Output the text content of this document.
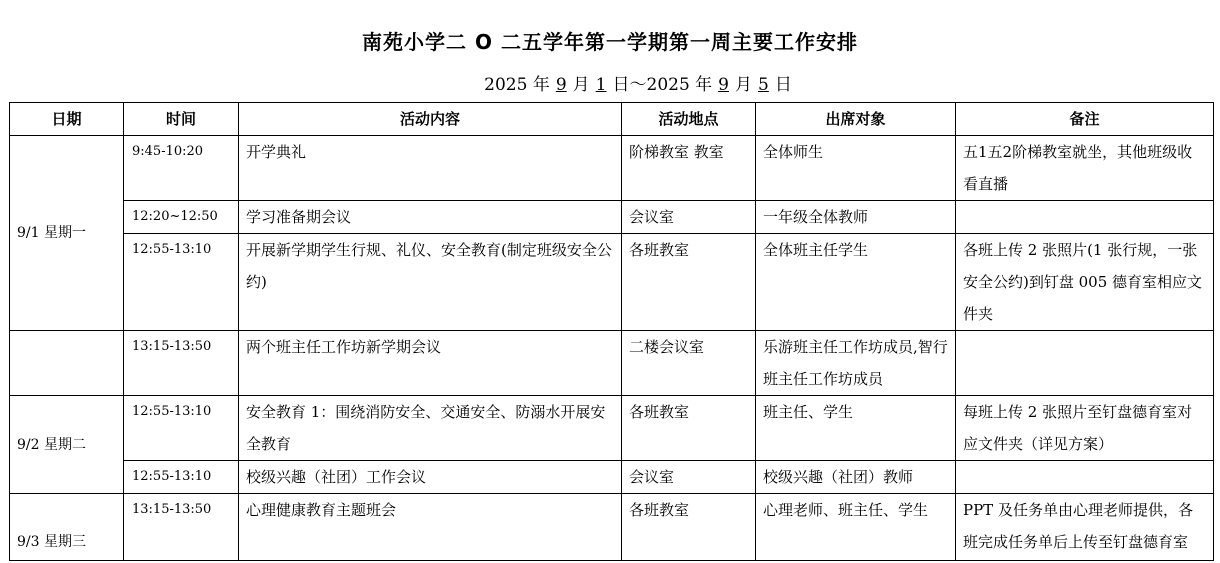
南苑小学二 O 二五学年第一学期第一周主要工作安排
2025 年 9 月 1 日～2025 年 9 月 5 日
日期	时间	活动内容	活动地点	出席对象	备注
9/1 星期一	9:45-10:20	开学典礼	阶梯教室 教室	全体师生	五1五2阶梯教室就坐，其他班级收看直播
	12:20~12:50	学习准备期会议	会议室	一年级全体教师	
	12:55-13:10	开展新学期学生行规、礼仪、安全教育(制定班级安全公约)	各班教室	全体班主任学生	各班上传 2 张照片(1 张行规，一张安全公约)到钉盘 005 德育室相应文件夹
	13:15-13:50	两个班主任工作坊新学期会议	二楼会议室	乐游班主任工作坊成员,智行班主任工作坊成员	
9/2 星期二	12:55-13:10	安全教育 1：围绕消防安全、交通安全、防溺水开展安全教育	各班教室	班主任、学生	每班上传 2 张照片至钉盘德育室对应文件夹（详见方案）
	12:55-13:10	校级兴趣（社团）工作会议	会议室	校级兴趣（社团）教师	
9/3 星期三	13:15-13:50	心理健康教育主题班会	各班教室	心理老师、班主任、学生	PPT 及任务单由心理老师提供，各班完成任务单后上传至钉盘德育室
